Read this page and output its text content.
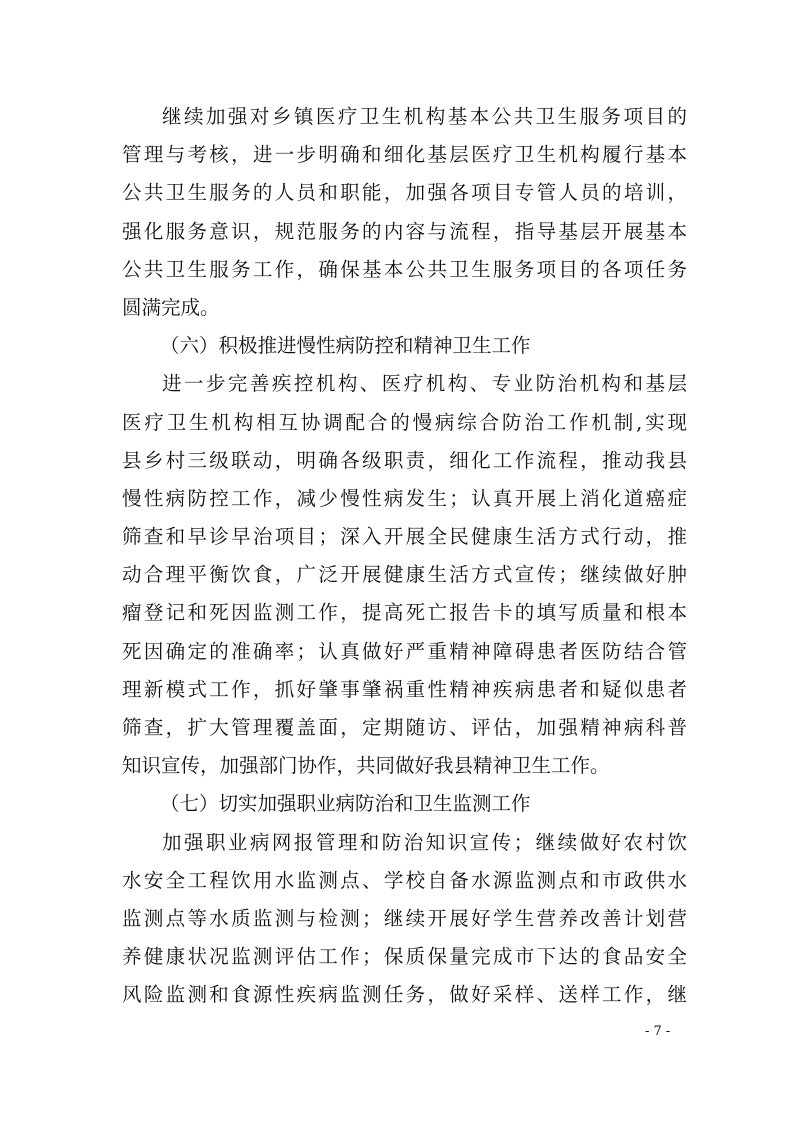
继续加强对乡镇医疗卫生机构基本公共卫生服务项目的
管理与考核，进一步明确和细化基层医疗卫生机构履行基本
公共卫生服务的人员和职能，加强各项目专管人员的培训，
强化服务意识，规范服务的内容与流程，指导基层开展基本
公共卫生服务工作，确保基本公共卫生服务项目的各项任务
圆满完成。
（六）积极推进慢性病防控和精神卫生工作
进一步完善疾控机构、医疗机构、专业防治机构和基层
医疗卫生机构相互协调配合的慢病综合防治工作机制,实现
县乡村三级联动，明确各级职责，细化工作流程，推动我县
慢性病防控工作，减少慢性病发生；认真开展上消化道癌症
筛查和早诊早治项目；深入开展全民健康生活方式行动，推
动合理平衡饮食，广泛开展健康生活方式宣传；继续做好肿
瘤登记和死因监测工作，提高死亡报告卡的填写质量和根本
死因确定的准确率；认真做好严重精神障碍患者医防结合管
理新模式工作，抓好肇事肇祸重性精神疾病患者和疑似患者
筛查，扩大管理覆盖面，定期随访、评估，加强精神病科普
知识宣传，加强部门协作，共同做好我县精神卫生工作。
（七）切实加强职业病防治和卫生监测工作
加强职业病网报管理和防治知识宣传；继续做好农村饮
水安全工程饮用水监测点、学校自备水源监测点和市政供水
监测点等水质监测与检测；继续开展好学生营养改善计划营
养健康状况监测评估工作；保质保量完成市下达的食品安全
风险监测和食源性疾病监测任务，做好采样、送样工作，继
- 7 -
